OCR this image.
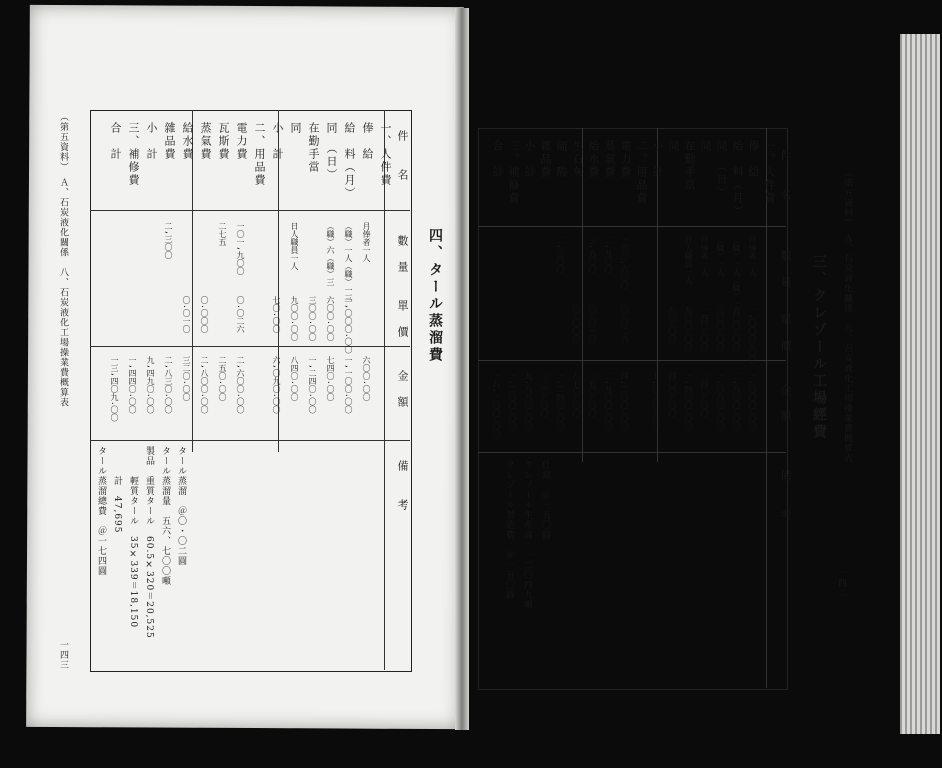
（第五資料）　Ａ、石炭液化關係　八、石炭液化工場操業費概算表
一四三
四、タール蒸溜費
件　　名
數　量
單　價
金　額
備　　考
一、人件費
俸　給
月俸者一人
六〇〇.〇〇
給　料（月）
（職）一人（職）一三
一,〇〇〇.〇〇
一,一〇〇.〇〇
同　（日）
（職）六（職）三
六〇〇.〇〇
七四〇.〇〇
在勤手當
三〇〇.〇〇
一,二四〇.〇〇
同
日人職員一人
九〇〇.〇〇
八四〇.〇〇
小　計
七〇.〇〇
六,〇九〇.〇〇
二、用品費
電力費
一〇一,九〇〇
〇.〇二六
二,六〇〇.〇〇
瓦斯費
二七五
二五〇.〇〇
蒸氣費
〇.〇〇〇
二,八〇〇.〇〇
給水費
〇.〇一〇
三二〇.〇〇
雜品費
二,三〇〇
二,八三〇.〇〇
小　計
九,四九〇.〇〇
三、補修費
一,四四〇.〇〇
合　計
一三,四〇九.〇〇
タール蒸溜　＠〇・〇二圓
タール蒸溜量　五六、七〇〇噸
製品　重質タール　60.5×320＝20,525
　　　輕質タール　35×339＝18,150
　　　計　47,695
タール蒸溜總費　＠一七四圓
（第五資料）　Ａ、石炭液化關係　八、石炭液化工場操業費概算表
一四二
三、クレゾール工場經費
件　　名
數　量
單　價
金　額
備　　考
一、人件費
俸　給
月俸者一人
一,〇〇〇.〇〇
一,〇〇〇.〇〇
給　料（月）
（職）一人（職）一八
六〇〇.〇〇
二,八〇〇.〇〇
同　（日）
（職）一人
三〇〇.〇〇
一,〇八〇.〇〇
同
月俸者一人
一四〇.〇〇
三四〇.〇〇
在勤手當
日人職員一人
九〇〇.〇〇
一,四〇〇.〇〇
同
八〇.〇〇
四〇〇.〇〇
小　計
七,〇二〇.〇〇
二、用品費
電力費
一六〇,六〇〇
〇.〇二六
四,二〇〇.〇〇
蒸氣費
二,九〇〇
二,九〇〇.〇〇
給水費
三,五〇〇
〇.〇一〇
三五〇.〇〇
生石灰
〇.〇〇〇
八七〇.〇〇
硫　酸
二,三〇〇
一,二四〇.〇〇
雜品費
三二〇.〇〇
小　計
九,八八〇.〇〇
三、補修費
一,二〇〇.〇〇
合　計
一八,一〇〇.〇〇
仕當　＠一五〇圓
クレゾール生産高　一二〇四九噸
クレゾール製造費　＠一五〇圓
